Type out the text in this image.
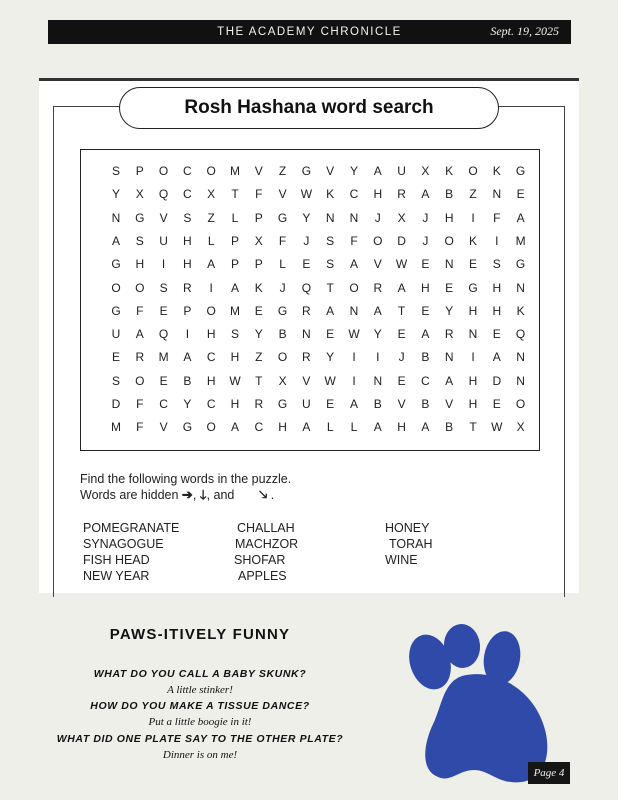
THE ACADEMY CHRONICLE	Sept. 19, 2025
Rosh Hashana word search
S	P	O	C	O	M	V	Z	G	V	Y	A	U	X	K	O	K	G
Y	X	Q	C	X	T	F	V	W	K	C	H	R	A	B	Z	N	E
N	G	V	S	Z	L	P	G	Y	N	N	J	X	J	H	I	F	A
A	S	U	H	L	P	X	F	J	S	F	O	D	J	O	K	I	M
G	H	I	H	A	P	P	L	E	S	A	V	W	E	N	E	S	G
O	O	S	R	I	A	K	J	Q	T	O	R	A	H	E	G	H	N
G	F	E	P	O	M	E	G	R	A	N	A	T	E	Y	H	H	K
U	A	Q	I	H	S	Y	B	N	E	W	Y	E	A	R	N	E	Q
E	R	M	A	C	H	Z	O	R	Y	I	I	J	B	N	I	A	N
S	O	E	B	H	W	T	X	V	W	I	N	E	C	A	H	D	N
D	F	C	Y	C	H	R	G	U	E	A	B	V	B	V	H	E	O
M	F	V	G	O	A	C	H	A	L	L	A	H	A	B	T	W	X
Find the following words in the puzzle.
Words are hidden ➔, 🡓, and 🡖 .
POMEGRANATE
SYNAGOGUE
FISH HEAD
NEW YEAR
CHALLAH
MACHZOR
SHOFAR
APPLES
HONEY
TORAH
WINE
PAWS-ITIVELY FUNNY
WHAT DO YOU CALL A BABY SKUNK?
A little stinker!
HOW DO YOU MAKE A TISSUE DANCE?
Put a little boogie in it!
WHAT DID ONE PLATE SAY TO THE OTHER PLATE?
Dinner is on me!
Page 4
